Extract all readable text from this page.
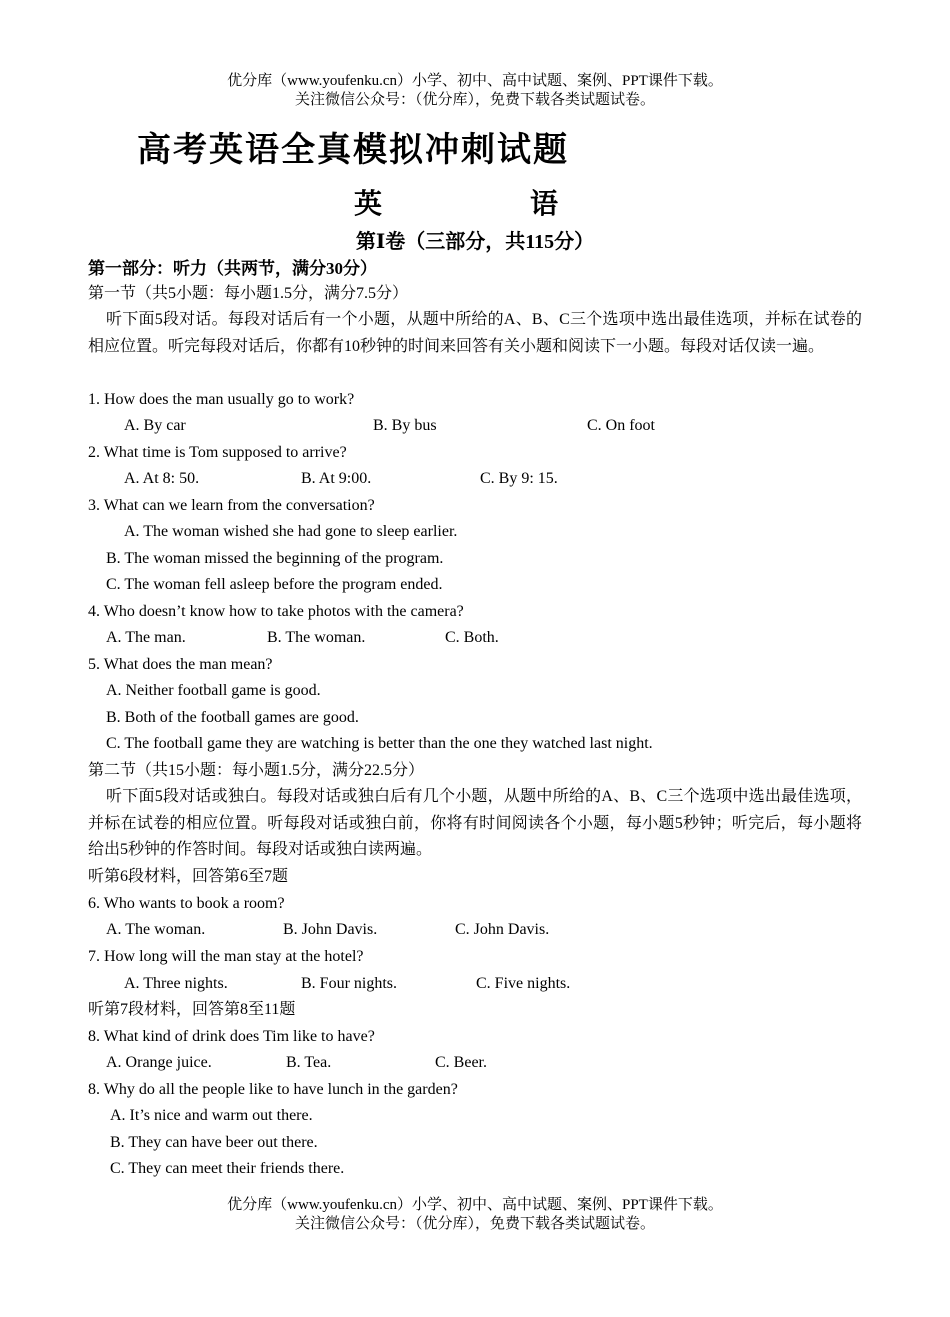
优分库（www.youfenku.cn）小学、初中、高中试题、案例、PPT课件下载。
关注微信公众号：（优分库），免费下载各类试题试卷。
高考英语全真模拟冲刺试题
英	语
第Ⅰ卷（三部分，共115分）
第一部分：听力（共两节，满分30分）
第一节（共5小题：每小题1.5分，满分7.5分）
听下面5段对话。每段对话后有一个小题，从题中所给的A、B、C三个选项中选出最佳选项，并标在试卷的相应位置。听完每段对话后，你都有10秒钟的时间来回答有关小题和阅读下一小题。每段对话仅读一遍。
1. How does the man usually go to work?
A. By car	B. By bus	C. On foot
2. What time is Tom supposed to arrive?
A. At 8: 50.	B. At 9:00.	C. By 9: 15.
3. What can we learn from the conversation?
A. The woman wished she had gone to sleep earlier.
B. The woman missed the beginning of the program.
C. The woman fell asleep before the program ended.
4. Who doesn’t know how to take photos with the camera?
A. The man.	B. The woman.	C. Both.
5. What does the man mean?
A. Neither football game is good.
B. Both of the football games are good.
C. The football game they are watching is better than the one they watched last night.
第二节（共15小题：每小题1.5分，满分22.5分）
听下面5段对话或独白。每段对话或独白后有几个小题，从题中所给的A、B、C三个选项中选出最佳选项，并标在试卷的相应位置。听每段对话或独白前，你将有时间阅读各个小题，每小题5秒钟；听完后，每小题将给出5秒钟的作答时间。每段对话或独白读两遍。
听第6段材料，回答第6至7题
6. Who wants to book a room?
A. The woman.	B. John Davis.	C. John Davis.
7. How long will the man stay at the hotel?
A. Three nights.	B. Four nights.	C. Five nights.
听第7段材料，回答第8至11题
8. What kind of drink does Tim like to have?
A. Orange juice.	B. Tea.	C. Beer.
8. Why do all the people like to have lunch in the garden?
A. It’s nice and warm out there.
B. They can have beer out there.
C. They can meet their friends there.
优分库（www.youfenku.cn）小学、初中、高中试题、案例、PPT课件下载。
关注微信公众号：（优分库），免费下载各类试题试卷。
